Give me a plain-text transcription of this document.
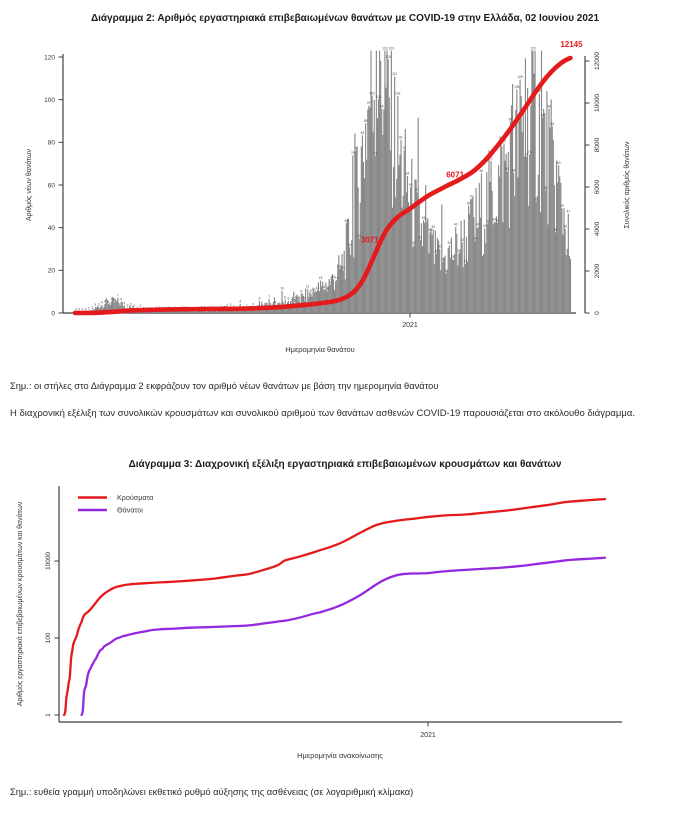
Διάγραμμα 2: Αριθμός εργαστηριακά επιβεβαιωμένων θανάτων με COVID-19 στην Ελλάδα, 02 Ιουνίου 2021
0
20
40
60
80
100
120
Αριθμός νέων θανάτων
2021
Ημερομηνία θανάτου
0
2000
4000
6000
8000
10000
12000
Συνολικός αριθμός θανάτων
0 0 0 0 1 1
3 3
4 4 4
5 5
7
5
4
2 3 2 1 2
1 1 1 1 1 1 1 1 1 1 1 1 1 2 1 1 1 1 1 1 1 1 1 1 2 2 2 3 2 1
4
2 2 2
3
1
6
2 3
7
2
4 3
10
6 6 5 5
6
9
6
11
9 10 11
15
11
10
13
16 15
21 20
42
31
74
76
35
83
89
97
102
74
100
96
123
119
123
111
102
81
76
64
59
32
57
34
43 43
38
39
28
30
24
19
32
25
40
28
33
23
50
53
34
40
65
40
42
71
43 42
81
80
66
90
66
105
109
95
73
74
123
52
103
92
58
96
88
38
69
49
39
47
3071
6071
12145
Σημ.: οι στήλες στο Διάγραμμα 2 εκφράζουν τον αριθμό νέων θανάτων με βάση την ημερομηνία θανάτου
Η διαχρονική εξέλιξη των συνολικών κρουσμάτων και συνολικού αριθμού των θανάτων ασθενών COVID-19 παρουσιάζεται στο ακόλουθο διάγραμμα.
Διάγραμμα 3: Διαχρονική εξέλιξη εργαστηριακά επιβεβαιωμένων κρουσμάτων και θανάτων
1
100
10000
Αριθμός εργαστηριακά επιβεβαιωμένων κρουσμάτων και θανάτων
2021
Ημερομηνία ανακοίνωσης
Κρούσματα
Θάνατοι
Σημ.: ευθεία γραμμή υποδηλώνει εκθετικό ρυθμό αύξησης της ασθένειας (σε λογαριθμική κλίμακα)
